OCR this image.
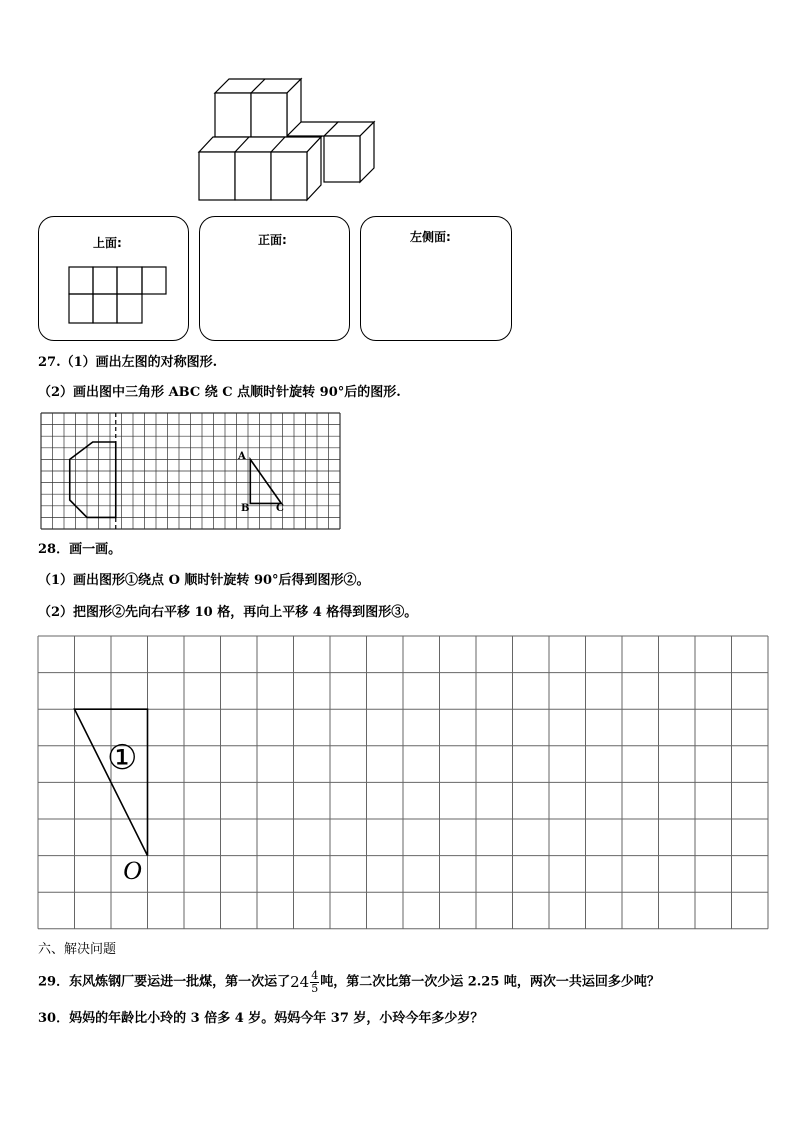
上面:	正面:	左侧面:
27.（1）画出左图的对称图形.
（2）画出图中三角形 ABC 绕 C 点顺时针旋转 90°后的图形.
A
B	C
28．画一画。
（1）画出图形①绕点 O 顺时针旋转 90°后得到图形②。
（2）把图形②先向右平移 10 格，再向上平移 4 格得到图形③。
①
O
六、解决问题
29．东风炼钢厂要运进一批煤，第一次运了$24 \frac{4}{5}$ 吨，第二次比第一次少运 2.25 吨，两次一共运回多少吨？
30．妈妈的年龄比小玲的 3 倍多 4 岁。妈妈今年 37 岁，小玲今年多少岁？
